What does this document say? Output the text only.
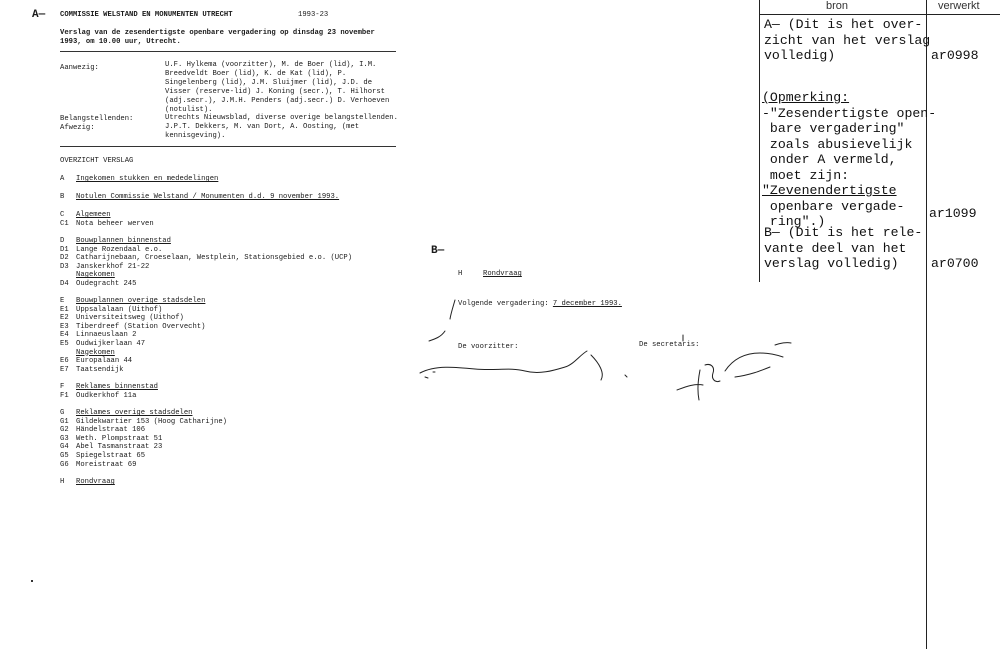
A— COMMISSIE WELSTAND EN MONUMENTEN UTRECHT	1993-23
Verslag van de zesendertigste openbare vergadering op dinsdag 23 november
1993, om 10.00 uur, Utrecht.
Aanwezig:	U.F. Hylkema (voorzitter), M. de Boer (lid), I.M.
Breedveldt Boer (lid), K. de Kat (lid), P.
Singelenberg (lid), J.M. Sluijmer (lid), J.D. de
Visser (reserve-lid) J. Koning (secr.), T. Hilhorst
(adj.secr.), J.M.H. Penders (adj.secr.) D. Verhoeven
(notulist).
Belangstellenden:	Utrechts Nieuwsblad, diverse overige belangstellenden.
Afwezig:	J.P.T. Dekkers, M. van Dort, A. Oosting, (met
kennisgeving).
OVERZICHT VERSLAG
A	Ingekomen stukken en mededelingen
B	Notulen Commissie Welstand / Monumenten d.d. 9 november 1993.
C	Algemeen
C1	Nota beheer werven
D	Bouwplannen binnenstad
D1	Lange Rozendaal e.o.
D2	Catharijnebaan, Croeselaan, Westplein, Stationsgebied e.o. (UCP)
D3	Janskerkhof 21-22
Nagekomen
D4	Oudegracht 245
E	Bouwplannen overige stadsdelen
E1	Uppsalalaan (Uithof)
E2	Universiteitsweg (Uithof)
E3	Tiberdreef (Station Overvecht)
E4	Linnaeuslaan 2
E5	Oudwijkerlaan 47
Nagekomen
E6	Europalaan 44
E7	Taatsendijk
F	Reklames binnenstad
F1	Oudkerkhof 11a
G	Reklames overige stadsdelen
G1	Gildekwartier 153 (Hoog Catharijne)
G2	Händelstraat 106
G3	Weth. Plompstraat 51
G4	Abel Tasmanstraat 23
G5	Spiegelstraat 65
G6	Moreistraat 69
H	Rondvraag
B—
H	Rondvraag
Volgende vergadering: 7 december 1993.
De voorzitter:	De secretaris:
bron	verwerkt
A— (Dit is het over-
zicht van het verslag
volledig)	ar0998
(Opmerking:
-"Zesendertigste open-
bare vergadering"
zoals abusievelijk
onder A vermeld,
moet zijn:
"Zevenendertigste
openbare vergade-
ring".)
ar1099
B— (Dit is het rele-
vante deel van het
verslag volledig)	ar0700
